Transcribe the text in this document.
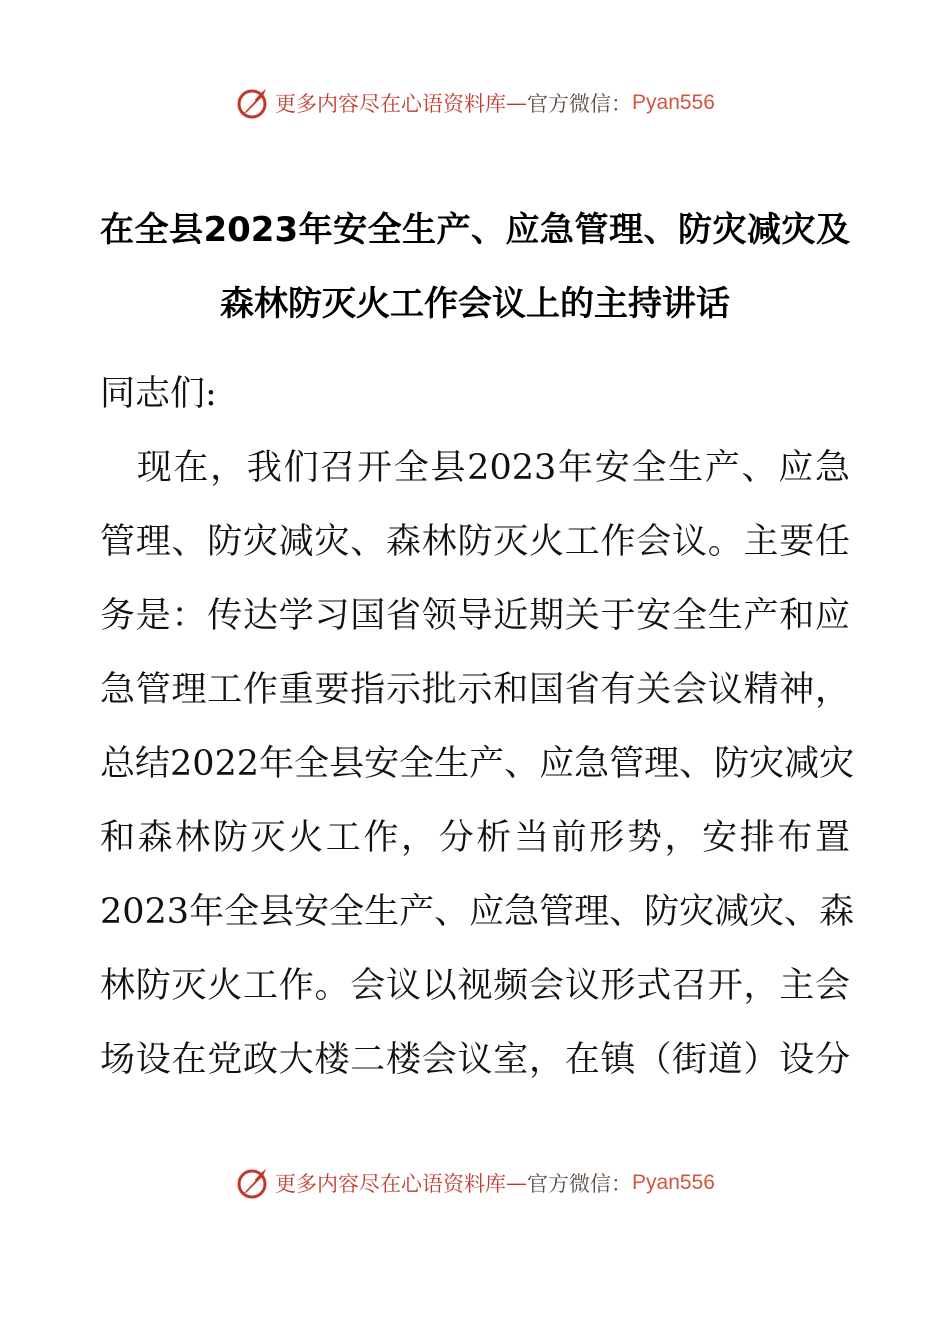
更多内容尽在心语资料库 — 官方微信： Pyan556
在全县2023年安全生产、应急管理、防灾减灾及
森林防灭火工作会议上的主持讲话
同志们:
　现在，我们召开全县2023年安全生产、应急
管理、防灾减灾、森林防灭火工作会议。主要任
务是：传达学习国省领导近期关于安全生产和应
急管理工作重要指示批示和国省有关会议精神，
总结2022年全县安全生产、应急管理、防灾减灾
和森林防灭火工作，分析当前形势，安排布置
2023年全县安全生产、应急管理、防灾减灾、森
林防灭火工作。会议以视频会议形式召开，主会
场设在党政大楼二楼会议室，在镇（街道）设分
更多内容尽在心语资料库 — 官方微信： Pyan556
